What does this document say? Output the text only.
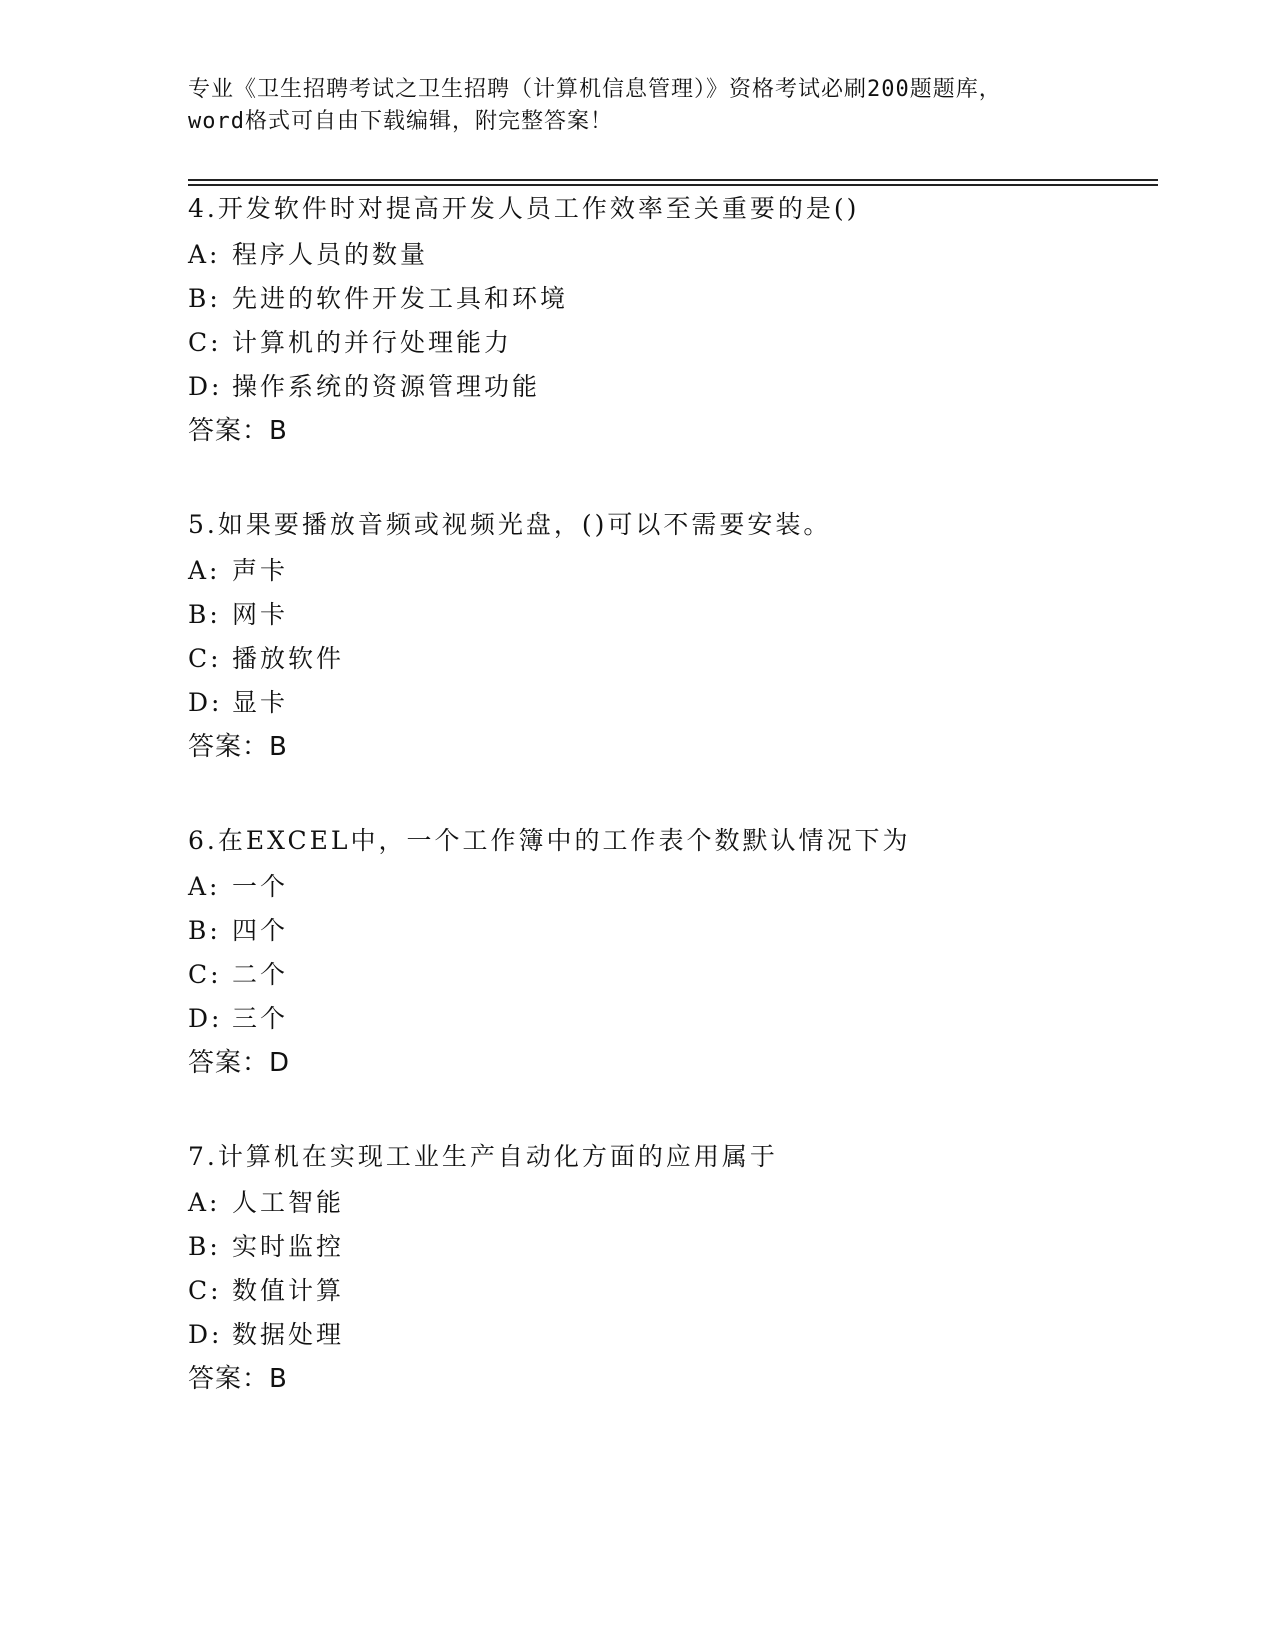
专业《卫生招聘考试之卫生招聘（计算机信息管理）》资格考试必刷200题题库，
word格式可自由下载编辑，附完整答案！
4.开发软件时对提高开发人员工作效率至关重要的是()
A: 程序人员的数量
B: 先进的软件开发工具和环境
C: 计算机的并行处理能力
D: 操作系统的资源管理功能
答案：B
5.如果要播放音频或视频光盘，()可以不需要安装。
A: 声卡
B: 网卡
C: 播放软件
D: 显卡
答案：B
6.在EXCEL中，一个工作簿中的工作表个数默认情况下为
A: 一个
B: 四个
C: 二个
D: 三个
答案：D
7.计算机在实现工业生产自动化方面的应用属于
A: 人工智能
B: 实时监控
C: 数值计算
D: 数据处理
答案：B
